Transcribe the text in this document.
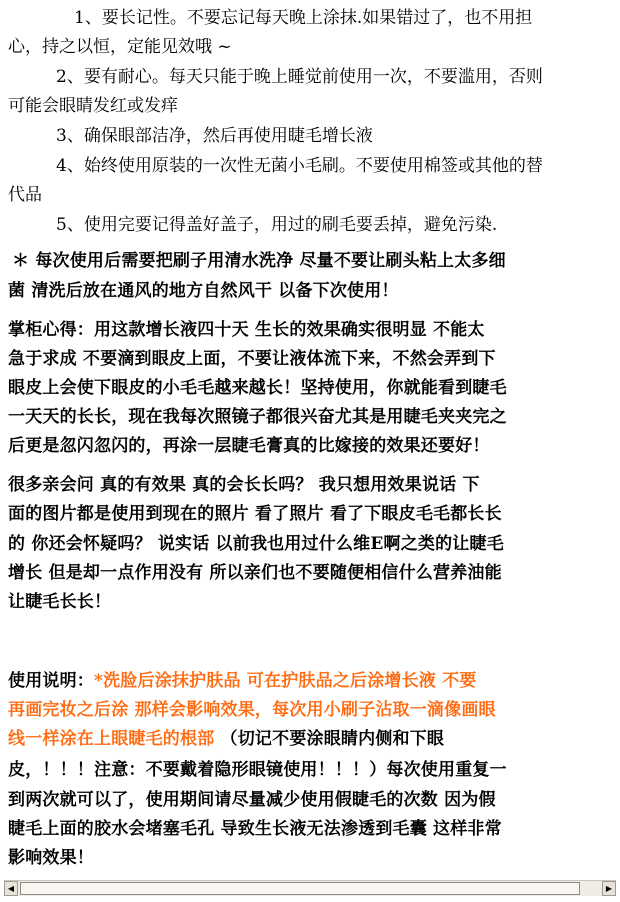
1、要长记性。不要忘记每天晚上涂抹.如果错过了，也不用担
心，持之以恒，定能见效哦 ~
2、要有耐心。每天只能于晚上睡觉前使用一次，不要滥用，否则
可能会眼睛发红或发痒
3、确保眼部洁净，然后再使用睫毛增长液
4、始终使用原装的一次性无菌小毛刷。不要使用棉签或其他的替
代品
5、使用完要记得盖好盖子，用过的刷毛要丢掉，避免污染.
＊ 每次使用后需要把刷子用清水洗净 尽量不要让刷头粘上太多细
菌 清洗后放在通风的地方自然风干 以备下次使用！
掌柜心得：用这款增长液四十天 生长的效果确实很明显 不能太
急于求成 不要滴到眼皮上面，不要让液体流下来，不然会弄到下
眼皮上会使下眼皮的小毛毛越来越长！坚持使用，你就能看到睫毛
一天天的长长，现在我每次照镜子都很兴奋尤其是用睫毛夹夹完之
后更是忽闪忽闪的，再涂一层睫毛膏真的比嫁接的效果还要好！
很多亲会问 真的有效果 真的会长长吗？ 我只想用效果说话 下
面的图片都是使用到现在的照片 看了照片 看了下眼皮毛毛都长长
的 你还会怀疑吗？ 说实话 以前我也用过什么维E啊之类的让睫毛
增长 但是却一点作用没有 所以亲们也不要随便相信什么营养油能
让睫毛长长！
使用说明：*洗脸后涂抹护肤品 可在护肤品之后涂增长液 不要
再画完妆之后涂 那样会影响效果，每次用小刷子沾取一滴像画眼
线一样涂在上眼睫毛的根部 （切记不要涂眼睛内侧和下眼
皮，！！！注意：不要戴着隐形眼镜使用！！！）每次使用重复一
到两次就可以了，使用期间请尽量减少使用假睫毛的次数 因为假
睫毛上面的胶水会堵塞毛孔 导致生长液无法渗透到毛囊 这样非常
影响效果！
◀	▶
